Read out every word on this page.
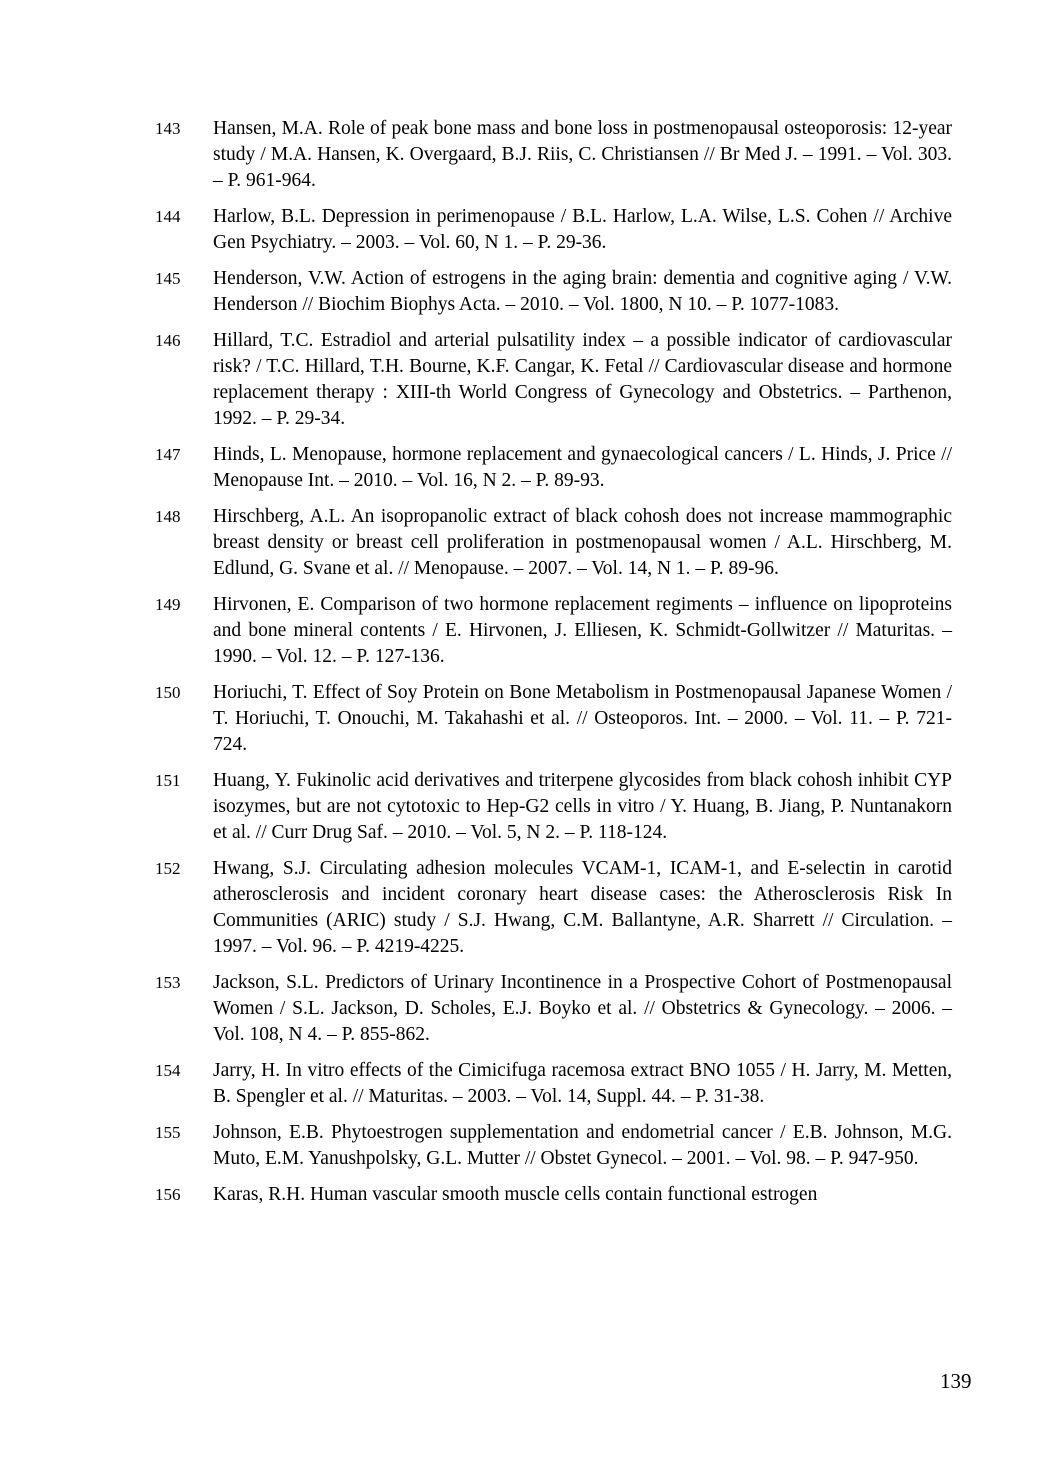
143	Hansen, M.A. Role of peak bone mass and bone loss in postmenopausal osteoporosis: 12-year study / M.A. Hansen, K. Overgaard, B.J. Riis, C. Christiansen // Br Med J. – 1991. – Vol. 303. – P. 961-964.
144	Harlow, B.L. Depression in perimenopause / B.L. Harlow, L.A. Wilse, L.S. Cohen // Archive Gen Psychiatry. – 2003. – Vol. 60, N 1. – P. 29-36.
145	Henderson, V.W. Action of estrogens in the aging brain: dementia and cognitive aging / V.W. Henderson // Biochim Biophys Acta. – 2010. – Vol. 1800, N 10. – P. 1077-1083.
146	Hillard, T.C. Estradiol and arterial pulsatility index – a possible indicator of cardiovascular risk? / T.C. Hillard, T.H. Bourne, K.F. Cangar, K. Fetal // Cardiovascular disease and hormone replacement therapy : XIII-th World Congress of Gynecology and Obstetrics. – Parthenon, 1992. – P. 29-34.
147	Hinds, L. Menopause, hormone replacement and gynaecological cancers / L. Hinds, J. Price // Menopause Int. – 2010. – Vol. 16, N 2. – P. 89-93.
148	Hirschberg, A.L. An isopropanolic extract of black cohosh does not increase mammographic breast density or breast cell proliferation in postmenopausal women / A.L. Hirschberg, M. Edlund, G. Svane et al. // Menopause. – 2007. – Vol. 14, N 1. – P. 89-96.
149	Hirvonen, E. Comparison of two hormone replacement regiments – influence on lipoproteins and bone mineral contents / E. Hirvonen, J. Elliesen, K. Schmidt-Gollwitzer // Maturitas. – 1990. – Vol. 12. – P. 127-136.
150	Horiuchi, T. Effect of Soy Protein on Bone Metabolism in Postmenopausal Japanese Women / T. Horiuchi, T. Onouchi, M. Takahashi et al. // Osteoporos. Int. – 2000. – Vol. 11. – P. 721-724.
151	Huang, Y. Fukinolic acid derivatives and triterpene glycosides from black cohosh inhibit CYP isozymes, but are not cytotoxic to Hep-G2 cells in vitro / Y. Huang, B. Jiang, P. Nuntanakorn et al. // Curr Drug Saf. – 2010. – Vol. 5, N 2. – P. 118-124.
152	Hwang, S.J. Circulating adhesion molecules VCAM-1, ICAM-1, and E-selectin in carotid atherosclerosis and incident coronary heart disease cases: the Atherosclerosis Risk In Communities (ARIC) study / S.J. Hwang, C.M. Ballantyne, A.R. Sharrett // Circulation. – 1997. – Vol. 96. – P. 4219-4225.
153	Jackson, S.L. Predictors of Urinary Incontinence in a Prospective Cohort of Postmenopausal Women / S.L. Jackson, D. Scholes, E.J. Boyko et al. // Obstetrics & Gynecology. – 2006. – Vol. 108, N 4. – P. 855-862.
154	Jarry, H. In vitro effects of the Cimicifuga racemosa extract BNO 1055 / H. Jarry, M. Metten, B. Spengler et al. // Maturitas. – 2003. – Vol. 14, Suppl. 44. – P. 31-38.
155	Johnson, E.B. Phytoestrogen supplementation and endometrial cancer / E.B. Johnson, M.G. Muto, E.M. Yanushpolsky, G.L. Mutter // Obstet Gynecol. – 2001. – Vol. 98. – P. 947-950.
156	Karas, R.H. Human vascular smooth muscle cells contain functional estrogen
139
